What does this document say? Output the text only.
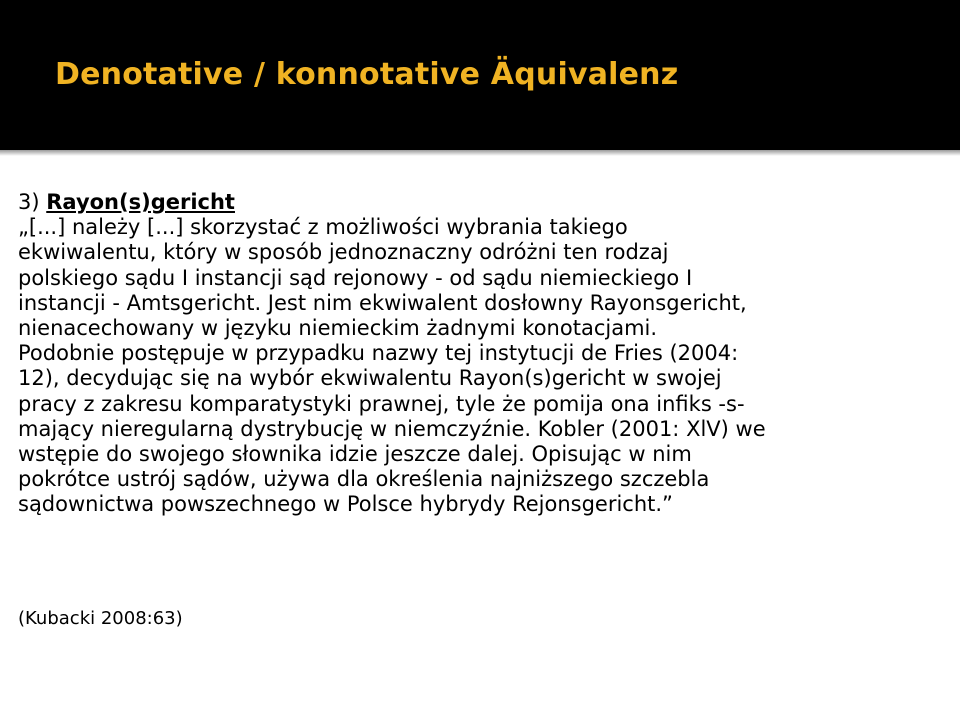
Denotative / konnotative Äquivalenz
3) Rayon(s)gericht
„[...] należy [...] skorzystać z możliwości wybrania takiego
ekwiwalentu, który w sposób jednoznaczny odróżni ten rodzaj
polskiego sądu I instancji sąd rejonowy - od sądu niemieckiego I
instancji - Amtsgericht. Jest nim ekwiwalent dosłowny Rayonsgericht,
nienacechowany w języku niemieckim żadnymi konotacjami.
Podobnie postępuje w przypadku nazwy tej instytucji de Fries (2004:
12), decydując się na wybór ekwiwalentu Rayon(s)gericht w swojej
pracy z zakresu komparatystyki prawnej, tyle że pomija ona infiks -s-
mający nieregularną dystrybucję w niemczyźnie. Kobler (2001: XlV) we
wstępie do swojego słownika idzie jeszcze dalej. Opisując w nim
pokrótce ustrój sądów, używa dla określenia najniższego szczebla
sądownictwa powszechnego w Polsce hybrydy Rejonsgericht.”
(Kubacki 2008:63)
